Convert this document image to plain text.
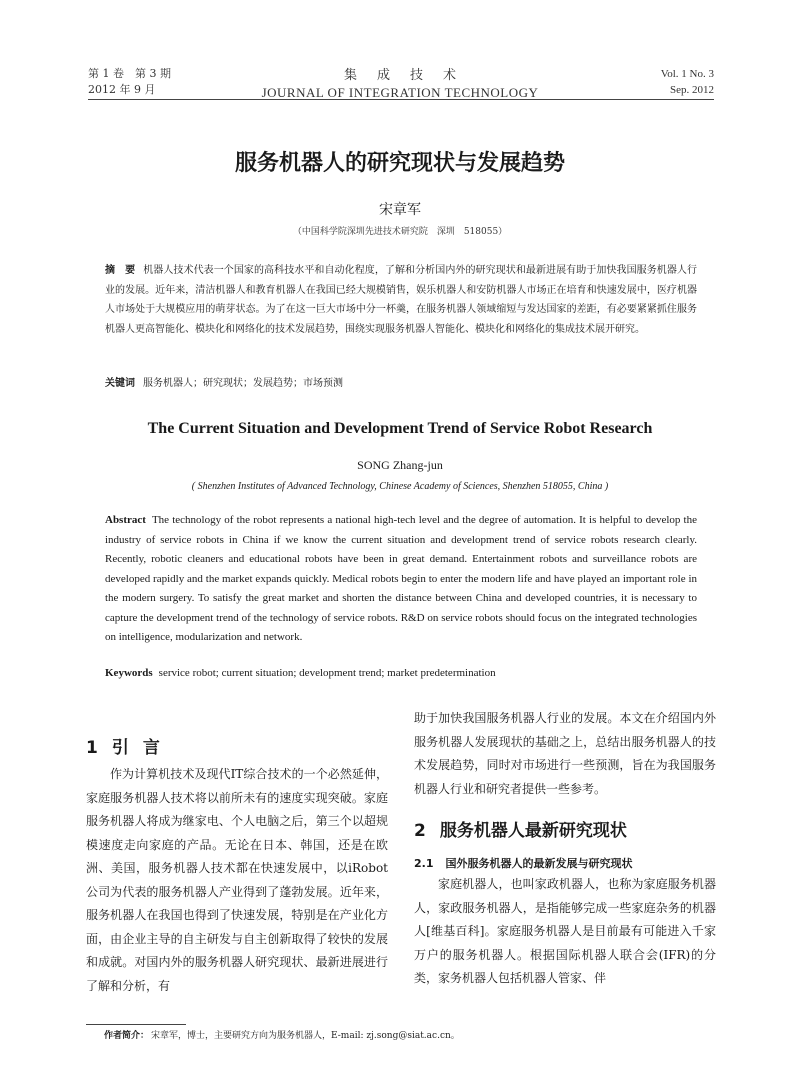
第 1 卷　第 3 期
2012 年 9 月
集成技术
JOURNAL OF INTEGRATION TECHNOLOGY
Vol. 1 No. 3
Sep. 2012
服务机器人的研究现状与发展趋势
宋章军
（中国科学院深圳先进技术研究院　深圳　518055）
摘　要 机器人技术代表一个国家的高科技水平和自动化程度，了解和分析国内外的研究现状和最新进展有助于加快我国服务机器人行业的发展。近年来，清洁机器人和教育机器人在我国已经大规模销售，娱乐机器人和安防机器人市场正在培育和快速发展中，医疗机器人市场处于大规模应用的萌芽状态。为了在这一巨大市场中分一杯羹，在服务机器人领域缩短与发达国家的差距，有必要紧紧抓住服务机器人更高智能化、模块化和网络化的技术发展趋势，围绕实现服务机器人智能化、模块化和网络化的集成技术展开研究。
关键词 服务机器人；研究现状；发展趋势；市场预测
The Current Situation and Development Trend of Service Robot Research
SONG Zhang-jun
( Shenzhen Institutes of Advanced Technology, Chinese Academy of Sciences, Shenzhen 518055, China )
Abstract The technology of the robot represents a national high-tech level and the degree of automation. It is helpful to develop the industry of service robots in China if we know the current situation and development trend of service robots research clearly. Recently, robotic cleaners and educational robots have been in great demand. Entertainment robots and surveillance robots are developed rapidly and the market expands quickly. Medical robots begin to enter the modern life and have played an important role in the modern surgery. To satisfy the great market and shorten the distance between China and developed countries, it is necessary to capture the development trend of the technology of service robots. R&D on service robots should focus on the integrated technologies on intelligence, modularization and network.
Keywords service robot; current situation; development trend; market predetermination
1 引言

作为计算机技术及现代IT综合技术的一个必然延伸，家庭服务机器人技术将以前所未有的速度实现突破。家庭服务机器人将成为继家电、个人电脑之后，第三个以超规模速度走向家庭的产品。无论在日本、韩国，还是在欧洲、美国，服务机器人技术都在快速发展中，以iRobot公司为代表的服务机器人产业得到了蓬勃发展。近年来，服务机器人在我国也得到了快速发展，特别是在产业化方面，由企业主导的自主研发与自主创新取得了较快的发展和成就。对国内外的服务机器人研究现状、最新进展进行了解和分析，有

助于加快我国服务机器人行业的发展。本文在介绍国内外服务机器人发展现状的基础之上，总结出服务机器人的技术发展趋势，同时对市场进行一些预测，旨在为我国服务机器人行业和研究者提供一些参考。

2 服务机器人最新研究现状
2.1 国外服务机器人的最新发展与研究现状

家庭机器人，也叫家政机器人，也称为家庭服务机器人，家政服务机器人，是指能够完成一些家庭杂务的机器人[维基百科]。家庭服务机器人是目前最有可能进入千家万户的服务机器人。根据国际机器人联合会(IFR)的分类，家务机器人包括机器人管家、伴

作者简介： 宋章军，博士，主要研究方向为服务机器人，E-mail: zj.song@siat.ac.cn。
